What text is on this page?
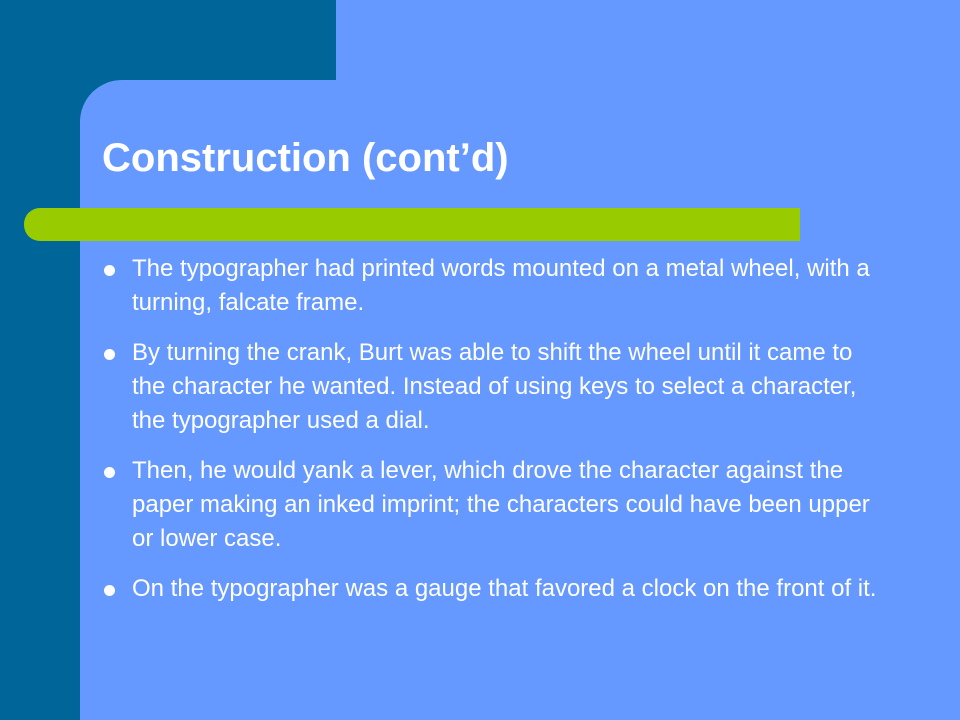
Construction (cont’d)
The typographer had printed words mounted on a metal wheel, with a turning, falcate frame.
By turning the crank, Burt was able to shift the wheel until it came to the character he wanted. Instead of using keys to select a character, the typographer used a dial.
Then, he would yank a lever, which drove the character against the paper making an inked imprint; the characters could have been upper or lower case.
On the typographer was a gauge that favored a clock on the front of it.
